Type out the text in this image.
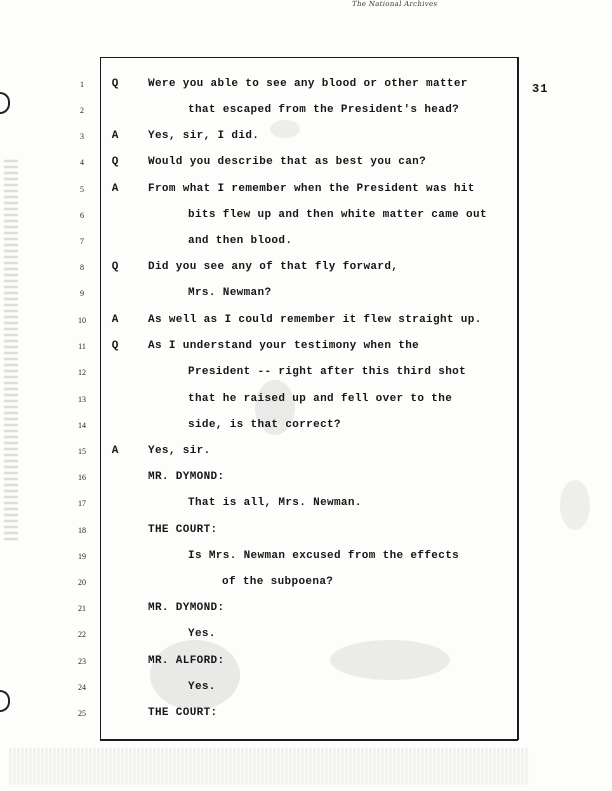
The National Archives
31
1	Q	Were you able to see any blood or other matter
2	that escaped from the President's head?
3	A	Yes, sir, I did.
4	Q	Would you describe that as best you can?
5	A	From what I remember when the President was hit
6	bits flew up and then white matter came out
7	and then blood.
8	Q	Did you see any of that fly forward,
9	Mrs. Newman?
10	A	As well as I could remember it flew straight up.
11	Q	As I understand your testimony when the
12	President -- right after this third shot
13	that he raised up and fell over to the
14	side, is that correct?
15	A	Yes, sir.
16	MR. DYMOND:
17	That is all, Mrs. Newman.
18	THE COURT:
19	Is Mrs. Newman excused from the effects
20	of the subpoena?
21	MR. DYMOND:
22	Yes.
23	MR. ALFORD:
24	Yes.
25	THE COURT:
